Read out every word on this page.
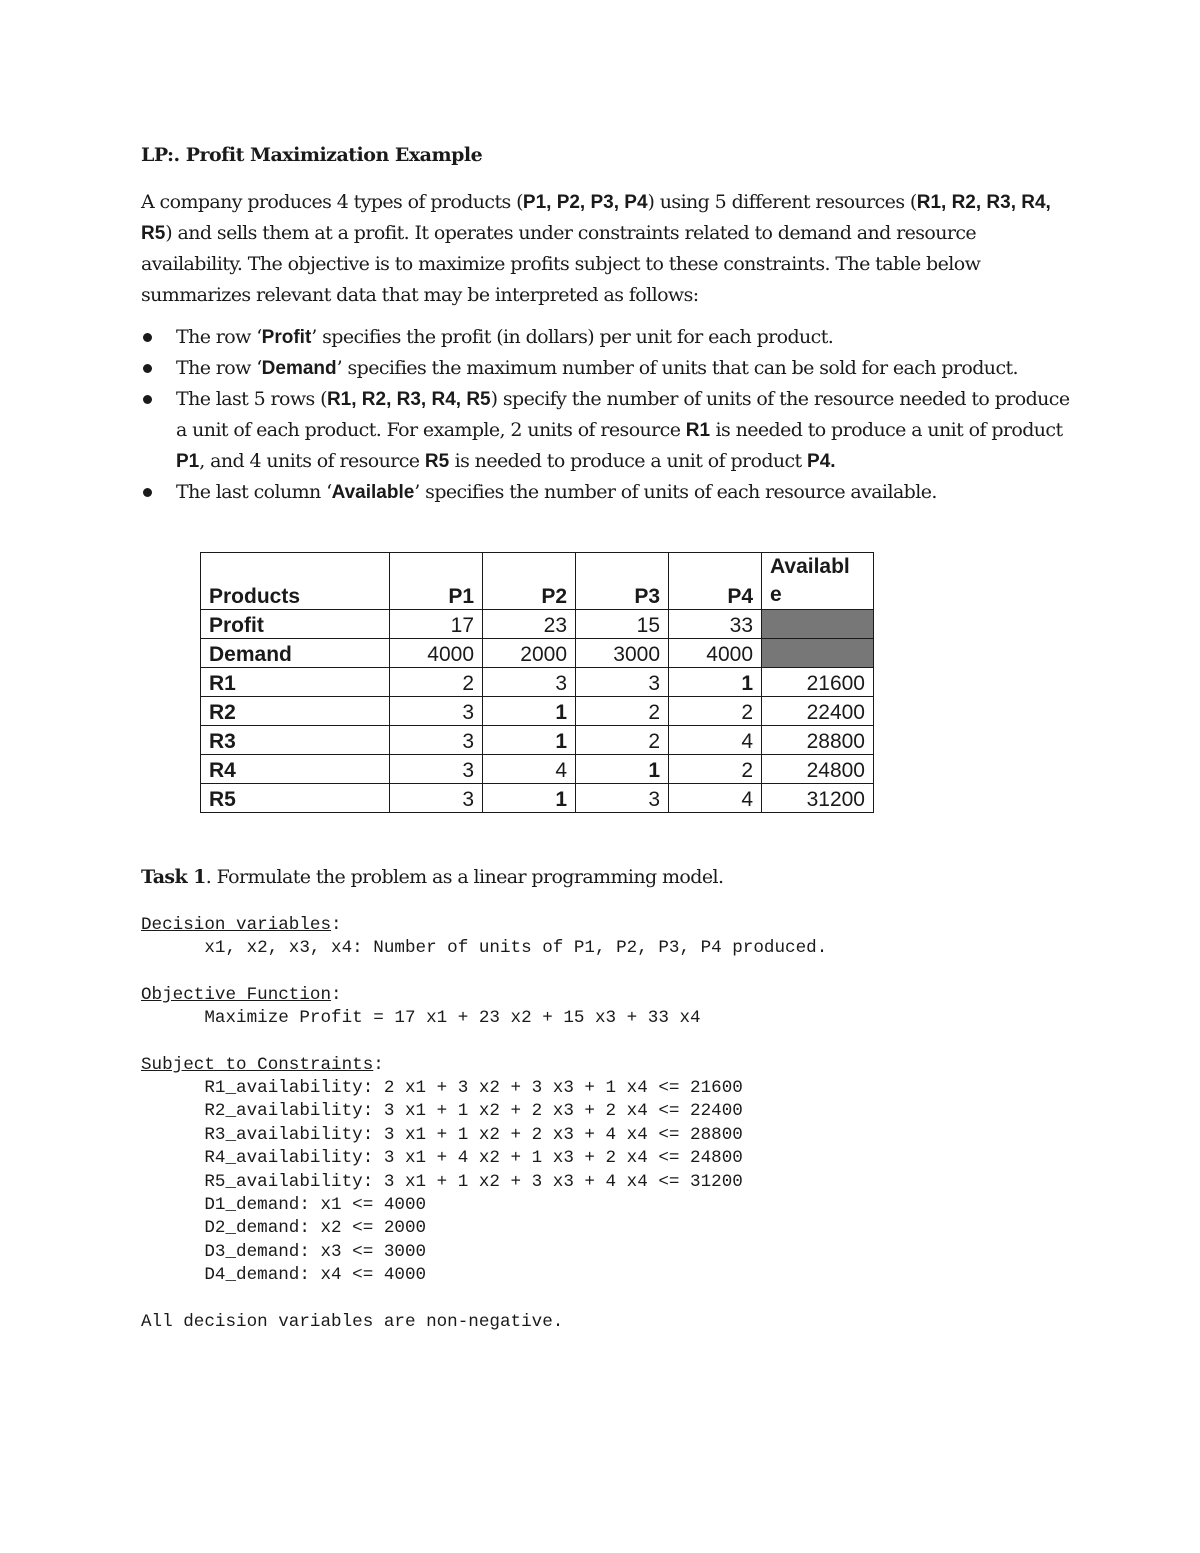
LP:. Profit Maximization Example
A company produces 4 types of products (P1, P2, P3, P4) using 5 different resources (R1, R2, R3, R4, R5) and sells them at a profit. It operates under constraints related to demand and resource availability. The objective is to maximize profits subject to these constraints. The table below summarizes relevant data that may be interpreted as follows:
The row ‘Profit’ specifies the profit (in dollars) per unit for each product.
The row ‘Demand’ specifies the maximum number of units that can be sold for each product.
The last 5 rows (R1, R2, R3, R4, R5) specify the number of units of the resource needed to produce a unit of each product. For example, 2 units of resource R1 is needed to produce a unit of product P1, and 4 units of resource R5 is needed to produce a unit of product P4.
The last column ‘Available’ specifies the number of units of each resource available.
Products	P1	P2	P3	P4	Availabl
e
Profit	17	23	15	33	
Demand	4000	2000	3000	4000	
R1	2	3	3	1	21600
R2	3	1	2	2	22400
R3	3	1	2	4	28800
R4	3	4	1	2	24800
R5	3	1	3	4	31200
Task 1. Formulate the problem as a linear programming model.
Decision variables:
x1, x2, x3, x4: Number of units of P1, P2, P3, P4 produced.
Objective Function:
Maximize Profit = 17 x1 + 23 x2 + 15 x3 + 33 x4
Subject to Constraints:
R1_availability: 2 x1 + 3 x2 + 3 x3 + 1 x4 <= 21600
R2_availability: 3 x1 + 1 x2 + 2 x3 + 2 x4 <= 22400
R3_availability: 3 x1 + 1 x2 + 2 x3 + 4 x4 <= 28800
R4_availability: 3 x1 + 4 x2 + 1 x3 + 2 x4 <= 24800
R5_availability: 3 x1 + 1 x2 + 3 x3 + 4 x4 <= 31200
D1_demand: x1 <= 4000
D2_demand: x2 <= 2000
D3_demand: x3 <= 3000
D4_demand: x4 <= 4000
All decision variables are non-negative.
